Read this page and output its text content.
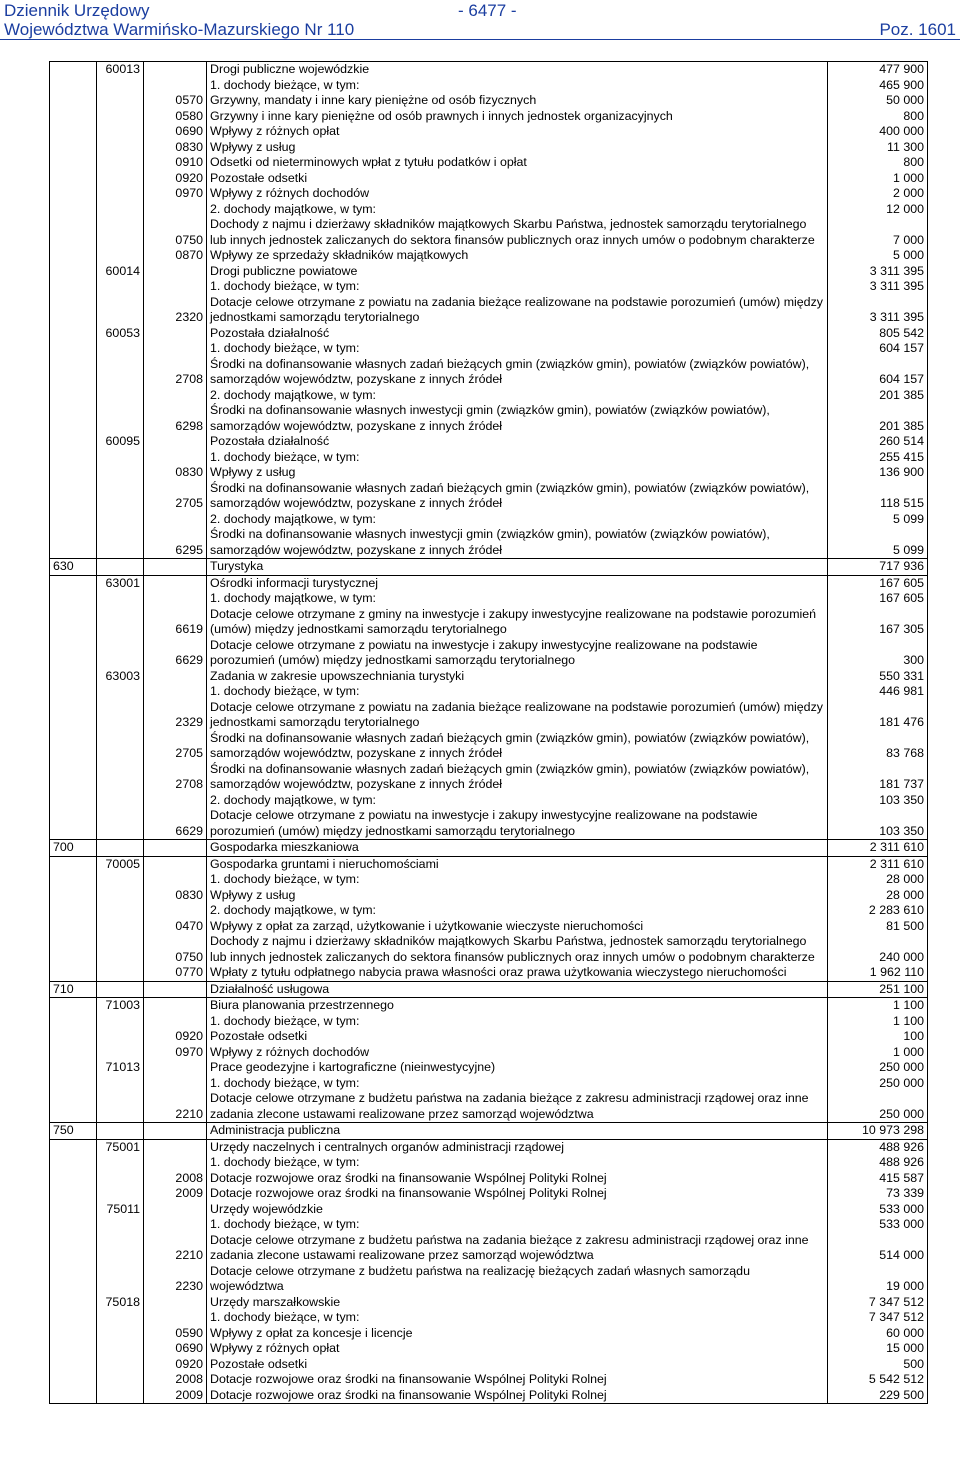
Dziennik Urzędowy
Województwa Warmińsko-Mazurskiego Nr 110
- 6477 -
Poz. 1601
	60013		Drogi publiczne wojewódzkie	477 900
			1. dochody bieżące, w tym:	465 900
		0570	Grzywny, mandaty i inne kary pieniężne od osób fizycznych	50 000
		0580	Grzywny i inne kary pieniężne od osób prawnych i innych jednostek organizacyjnych	800
		0690	Wpływy z różnych opłat	400 000
		0830	Wpływy z usług	11 300
		0910	Odsetki od nieterminowych wpłat z tytułu podatków i opłat	800
		0920	Pozostałe odsetki	1 000
		0970	Wpływy z różnych dochodów	2 000
			2. dochody majątkowe, w tym:	12 000
		0750	Dochody z najmu i dzierżawy składników majątkowych Skarbu Państwa, jednostek samorządu terytorialnego lub innych jednostek zaliczanych do sektora finansów publicznych oraz innych umów o podobnym charakterze	7 000
		0870	Wpływy ze sprzedaży składników majątkowych	5 000
	60014		Drogi publiczne powiatowe	3 311 395
			1. dochody bieżące, w tym:	3 311 395
		2320	Dotacje celowe otrzymane z powiatu na zadania bieżące realizowane na podstawie porozumień (umów) między jednostkami samorządu terytorialnego	3 311 395
	60053		Pozostała działalność	805 542
			1. dochody bieżące, w tym:	604 157
		2708	Środki na dofinansowanie własnych zadań bieżących gmin (związków gmin), powiatów (związków powiatów), samorządów województw, pozyskane z innych źródeł	604 157
			2. dochody majątkowe, w tym:	201 385
		6298	Środki na dofinansowanie własnych inwestycji gmin (związków gmin), powiatów (związków powiatów), samorządów województw, pozyskane z innych źródeł	201 385
	60095		Pozostała działalność	260 514
			1. dochody bieżące, w tym:	255 415
		0830	Wpływy z usług	136 900
		2705	Środki na dofinansowanie własnych zadań bieżących gmin (związków gmin), powiatów (związków powiatów), samorządów województw, pozyskane z innych źródeł	118 515
			2. dochody majątkowe, w tym:	5 099
		6295	Środki na dofinansowanie własnych inwestycji gmin (związków gmin), powiatów (związków powiatów), samorządów województw, pozyskane z innych źródeł	5 099
630			Turystyka	717 936
	63001		Ośrodki informacji turystycznej	167 605
			1. dochody majątkowe, w tym:	167 605
		6619	Dotacje celowe otrzymane z gminy na inwestycje i zakupy inwestycyjne realizowane na podstawie porozumień (umów) między jednostkami samorządu terytorialnego	167 305
		6629	Dotacje celowe otrzymane z powiatu na inwestycje i zakupy inwestycyjne realizowane na podstawie porozumień (umów) między jednostkami samorządu terytorialnego	300
	63003		Zadania w zakresie upowszechniania turystyki	550 331
			1. dochody bieżące, w tym:	446 981
		2329	Dotacje celowe otrzymane z powiatu na zadania bieżące realizowane na podstawie porozumień (umów) między jednostkami samorządu terytorialnego	181 476
		2705	Środki na dofinansowanie własnych zadań bieżących gmin (związków gmin), powiatów (związków powiatów), samorządów województw, pozyskane z innych źródeł	83 768
		2708	Środki na dofinansowanie własnych zadań bieżących gmin (związków gmin), powiatów (związków powiatów), samorządów województw, pozyskane z innych źródeł	181 737
			2. dochody majątkowe, w tym:	103 350
		6629	Dotacje celowe otrzymane z powiatu na inwestycje i zakupy inwestycyjne realizowane na podstawie porozumień (umów) między jednostkami samorządu terytorialnego	103 350
700			Gospodarka mieszkaniowa	2 311 610
	70005		Gospodarka gruntami i nieruchomościami	2 311 610
			1. dochody bieżące, w tym:	28 000
		0830	Wpływy z usług	28 000
			2. dochody majątkowe, w tym:	2 283 610
		0470	Wpływy z opłat za zarząd, użytkowanie i użytkowanie wieczyste nieruchomości	81 500
		0750	Dochody z najmu i dzierżawy składników majątkowych Skarbu Państwa, jednostek samorządu terytorialnego lub innych jednostek zaliczanych do sektora finansów publicznych oraz innych umów o podobnym charakterze	240 000
		0770	Wpłaty z tytułu odpłatnego nabycia prawa własności oraz prawa użytkowania wieczystego nieruchomości	1 962 110
710			Działalność usługowa	251 100
	71003		Biura planowania przestrzennego	1 100
			1. dochody bieżące, w tym:	1 100
		0920	Pozostałe odsetki	100
		0970	Wpływy z różnych dochodów	1 000
	71013		Prace geodezyjne i kartograficzne (nieinwestycyjne)	250 000
			1. dochody bieżące, w tym:	250 000
		2210	Dotacje celowe otrzymane z budżetu państwa na zadania bieżące z zakresu administracji rządowej oraz inne zadania zlecone ustawami realizowane przez samorząd województwa	250 000
750			Administracja publiczna	10 973 298
	75001		Urzędy naczelnych i centralnych organów administracji rządowej	488 926
			1. dochody bieżące, w tym:	488 926
		2008	Dotacje rozwojowe oraz środki na finansowanie Wspólnej Polityki Rolnej	415 587
		2009	Dotacje rozwojowe oraz środki na finansowanie Wspólnej Polityki Rolnej	73 339
	75011		Urzędy wojewódzkie	533 000
			1. dochody bieżące, w tym:	533 000
		2210	Dotacje celowe otrzymane z budżetu państwa na zadania bieżące z zakresu administracji rządowej oraz inne zadania zlecone ustawami realizowane przez samorząd województwa	514 000
		2230	Dotacje celowe otrzymane z budżetu państwa na realizację bieżących zadań własnych samorządu województwa	19 000
	75018		Urzędy marszałkowskie	7 347 512
			1. dochody bieżące, w tym:	7 347 512
		0590	Wpływy z opłat za koncesje i licencje	60 000
		0690	Wpływy z różnych opłat	15 000
		0920	Pozostałe odsetki	500
		2008	Dotacje rozwojowe oraz środki na finansowanie Wspólnej Polityki Rolnej	5 542 512
		2009	Dotacje rozwojowe oraz środki na finansowanie Wspólnej Polityki Rolnej	229 500
